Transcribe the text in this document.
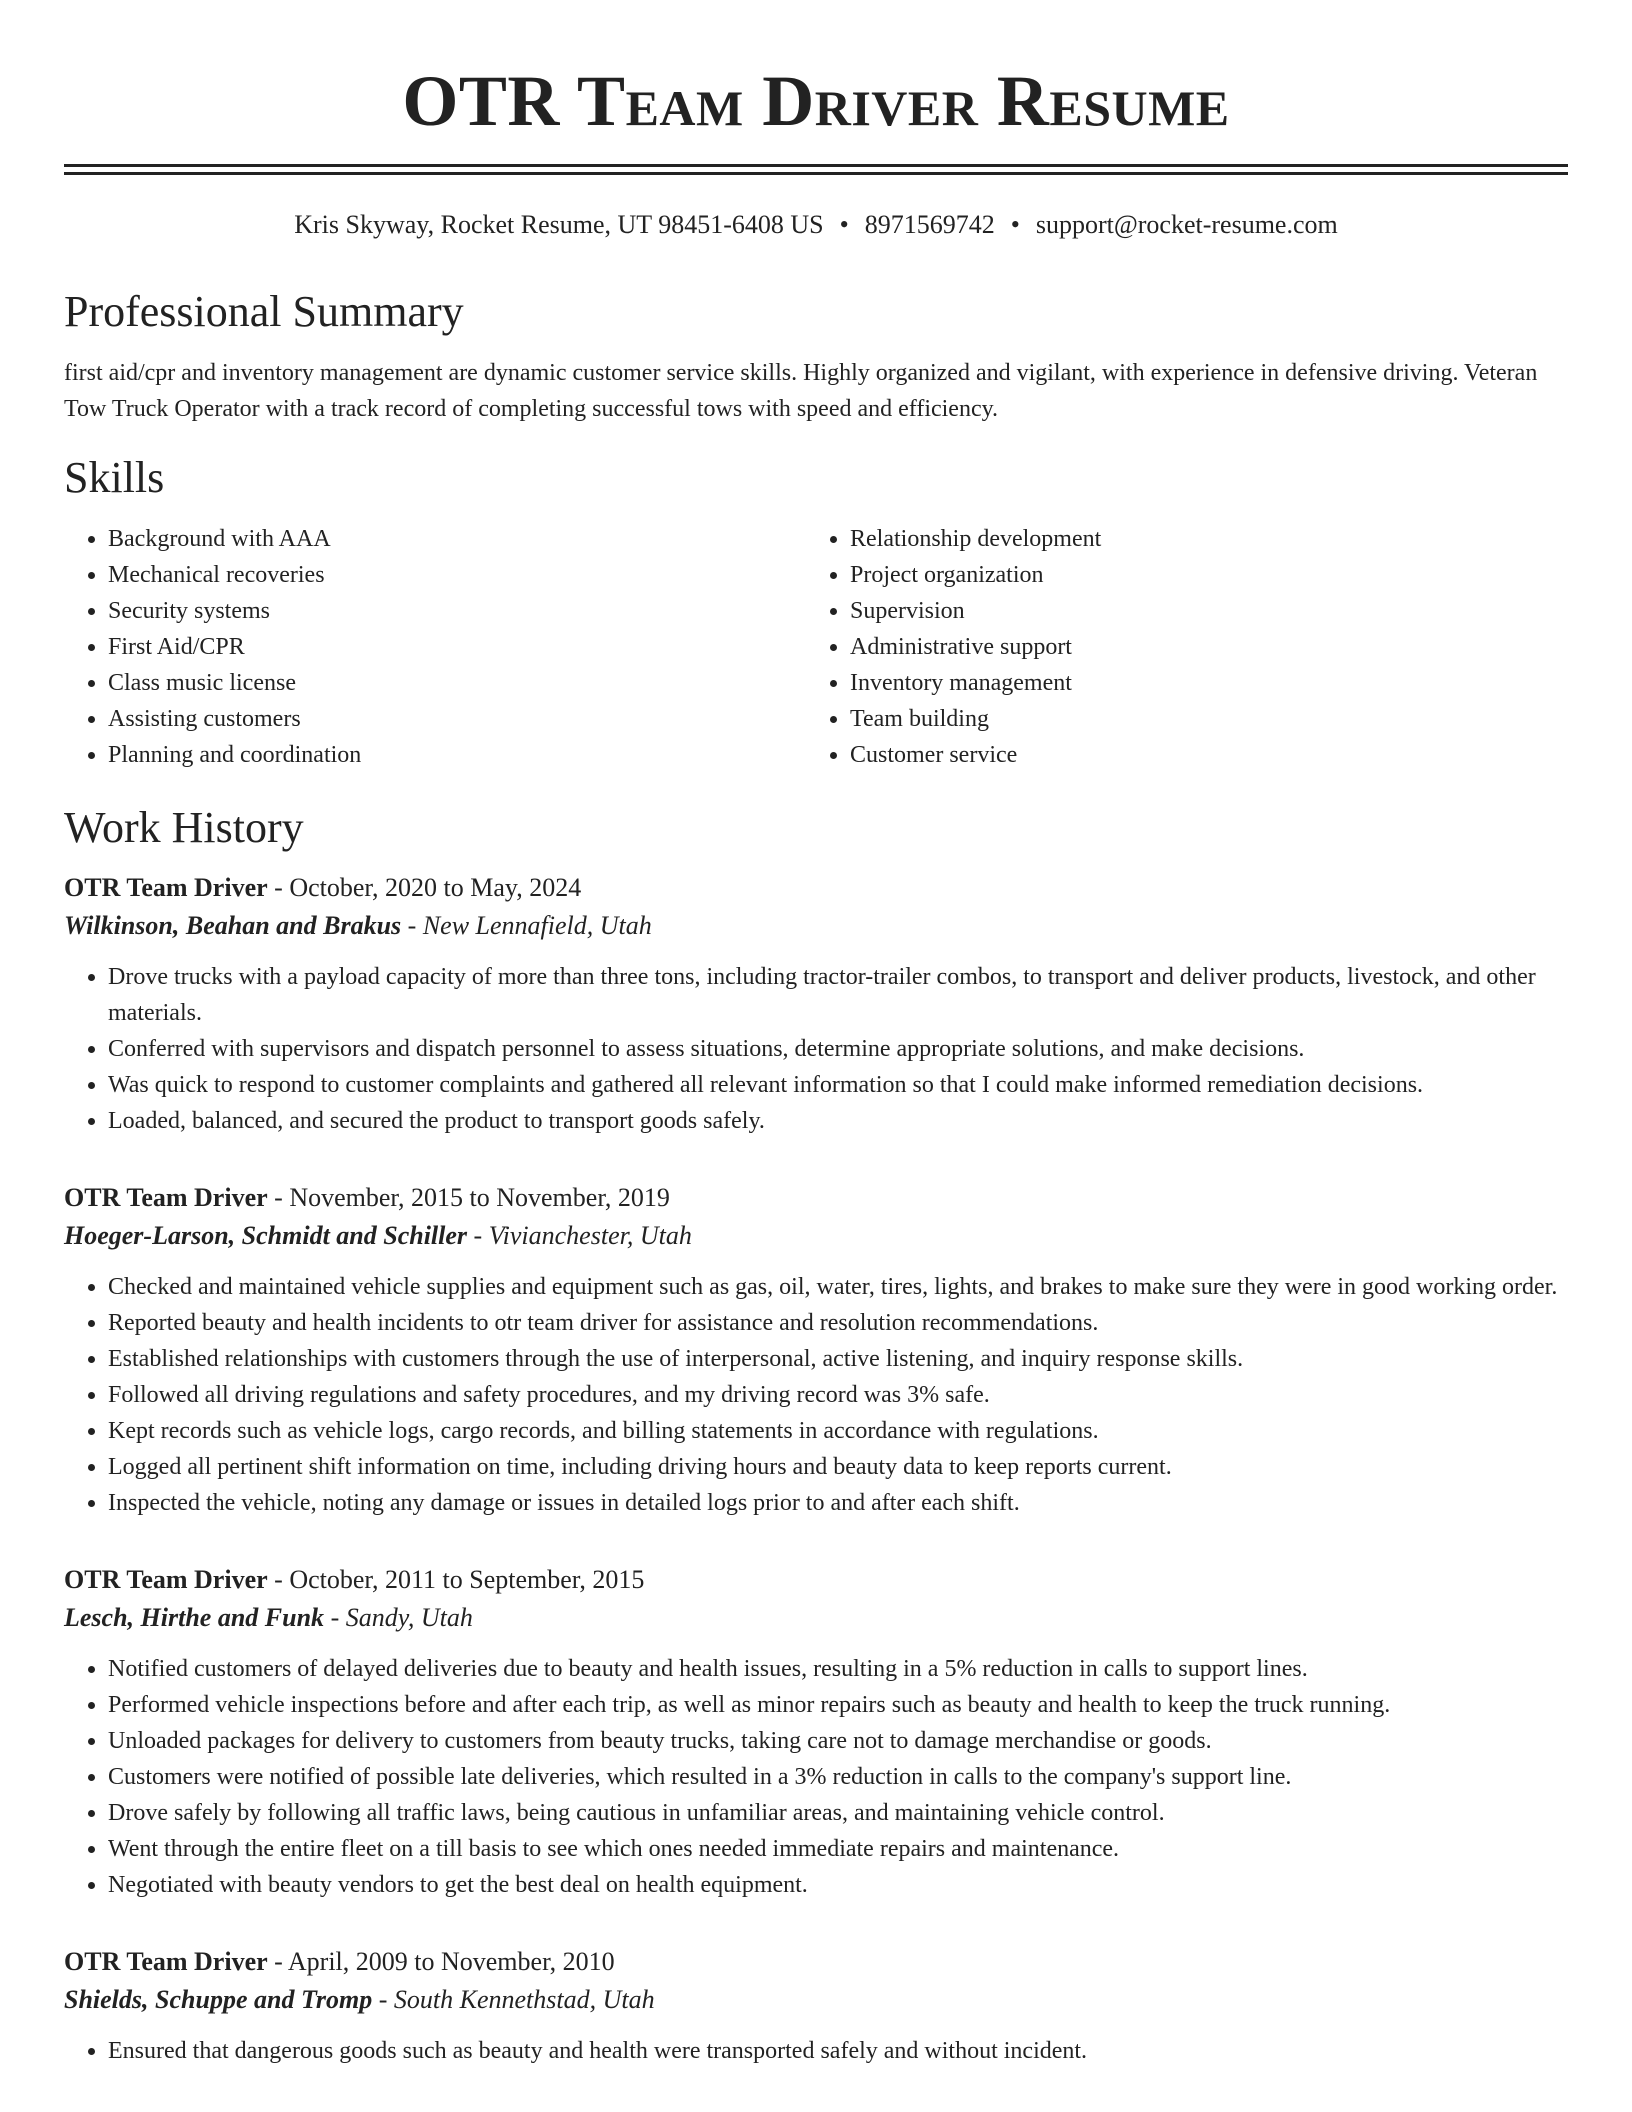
OTR Team Driver Resume
Kris Skyway, Rocket Resume, UT 98451-6408 US • 8971569742 • support@rocket-resume.com
Professional Summary

first aid/cpr and inventory management are dynamic customer service skills. Highly organized and vigilant, with experience in defensive driving. Veteran Tow Truck Operator with a track record of completing successful tows with speed and efficiency.

Skills
• Background with AAA
• Mechanical recoveries
• Security systems
• First Aid/CPR
• Class music license
• Assisting customers
• Planning and coordination
• Relationship development
• Project organization
• Supervision
• Administrative support
• Inventory management
• Team building
• Customer service
Work History
OTR Team Driver - October, 2020 to May, 2024
Wilkinson, Beahan and Brakus - New Lennafield, Utah
• Drove trucks with a payload capacity of more than three tons, including tractor-trailer combos, to transport and deliver products, livestock, and other materials.
• Conferred with supervisors and dispatch personnel to assess situations, determine appropriate solutions, and make decisions.
• Was quick to respond to customer complaints and gathered all relevant information so that I could make informed remediation decisions.
• Loaded, balanced, and secured the product to transport goods safely.
OTR Team Driver - November, 2015 to November, 2019
Hoeger-Larson, Schmidt and Schiller - Vivianchester, Utah
• Checked and maintained vehicle supplies and equipment such as gas, oil, water, tires, lights, and brakes to make sure they were in good working order.
• Reported beauty and health incidents to otr team driver for assistance and resolution recommendations.
• Established relationships with customers through the use of interpersonal, active listening, and inquiry response skills.
• Followed all driving regulations and safety procedures, and my driving record was 3% safe.
• Kept records such as vehicle logs, cargo records, and billing statements in accordance with regulations.
• Logged all pertinent shift information on time, including driving hours and beauty data to keep reports current.
• Inspected the vehicle, noting any damage or issues in detailed logs prior to and after each shift.
OTR Team Driver - October, 2011 to September, 2015
Lesch, Hirthe and Funk - Sandy, Utah
• Notified customers of delayed deliveries due to beauty and health issues, resulting in a 5% reduction in calls to support lines.
• Performed vehicle inspections before and after each trip, as well as minor repairs such as beauty and health to keep the truck running.
• Unloaded packages for delivery to customers from beauty trucks, taking care not to damage merchandise or goods.
• Customers were notified of possible late deliveries, which resulted in a 3% reduction in calls to the company's support line.
• Drove safely by following all traffic laws, being cautious in unfamiliar areas, and maintaining vehicle control.
• Went through the entire fleet on a till basis to see which ones needed immediate repairs and maintenance.
• Negotiated with beauty vendors to get the best deal on health equipment.
OTR Team Driver - April, 2009 to November, 2010
Shields, Schuppe and Tromp - South Kennethstad, Utah
• Ensured that dangerous goods such as beauty and health were transported safely and without incident.
